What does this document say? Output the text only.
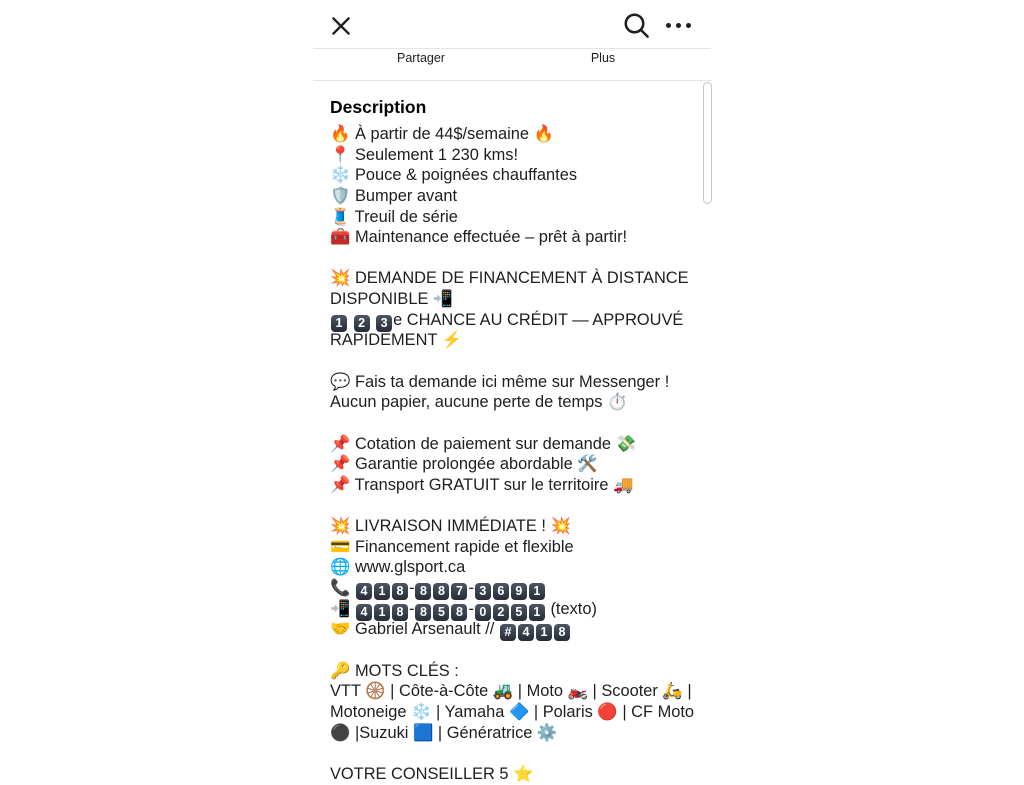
Partager	Plus
Description
🔥 À partir de 44$/semaine 🔥
📍 Seulement 1 230 kms!
❄️ Pouce & poignées chauffantes
🛡️ Bumper avant
🧵 Treuil de série
🧰 Maintenance effectuée – prêt à partir!
💥 DEMANDE DE FINANCEMENT À DISTANCE
DISPONIBLE 📲
1 2 3 e CHANCE AU CRÉDIT — APPROUVÉ
RAPIDEMENT ⚡
💬 Fais ta demande ici même sur Messenger !
Aucun papier, aucune perte de temps ⏱️
📌 Cotation de paiement sur demande 💸
📌 Garantie prolongée abordable 🛠️
📌 Transport GRATUIT sur le territoire 🚚
💥 LIVRAISON IMMÉDIATE ! 💥
💳 Financement rapide et flexible
🌐 www.glsport.ca
📞 4 1 8 - 8 8 7 - 3 6 9 1
📲 4 1 8 - 8 5 8 - 0 2 5 1 (texto)
🤝 Gabriel Arsenault // # 4 1 8
🔑 MOTS CLÉS :
VTT 🛞 | Côte-à-Côte 🚜 | Moto 🏍️ | Scooter 🛵 |
Motoneige ❄️ | Yamaha 🔷 | Polaris 🔴 | CF Moto
⚫ |Suzuki 🟦 | Génératrice ⚙️
VOTRE CONSEILLER 5 ⭐
